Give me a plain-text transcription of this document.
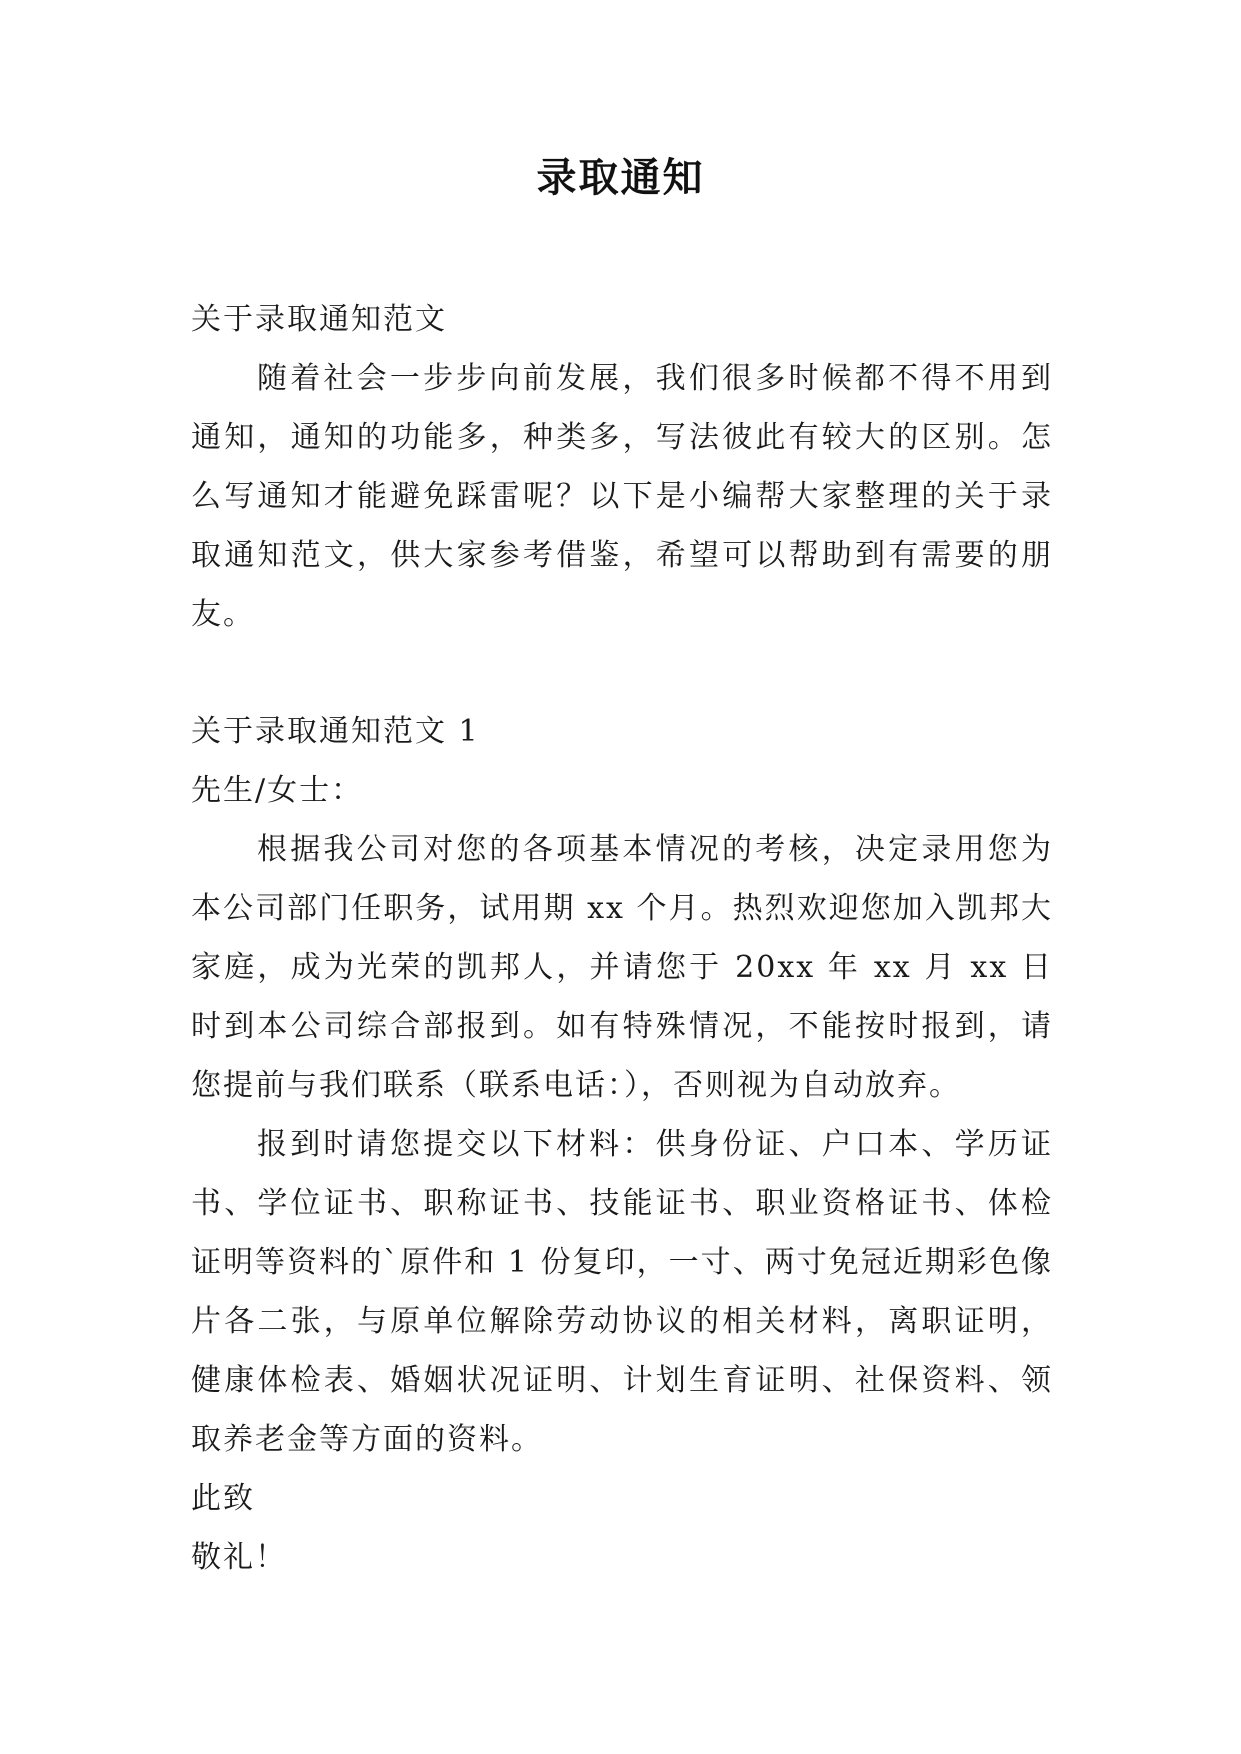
录取通知

关于录取通知范文

随着社会一步步向前发展，我们很多时候都不得不用到通知，通知的功能多，种类多，写法彼此有较大的区别。怎么写通知才能避免踩雷呢？以下是小编帮大家整理的关于录取通知范文，供大家参考借鉴，希望可以帮助到有需要的朋友。

关于录取通知范文 1

先生/女士：

根据我公司对您的各项基本情况的考核，决定录用您为本公司部门任职务，试用期 xx 个月。热烈欢迎您加入凯邦大家庭，成为光荣的凯邦人，并请您于 20xx 年 xx 月 xx 日时到本公司综合部报到。如有特殊情况，不能按时报到，请您提前与我们联系（联系电话：），否则视为自动放弃。

报到时请您提交以下材料：供身份证、户口本、学历证书、学位证书、职称证书、技能证书、职业资格证书、体检证明等资料的`原件和 1 份复印，一寸、两寸免冠近期彩色像片各二张，与原单位解除劳动协议的相关材料，离职证明，健康体检表、婚姻状况证明、计划生育证明、社保资料、领取养老金等方面的资料。

此致

敬礼！
